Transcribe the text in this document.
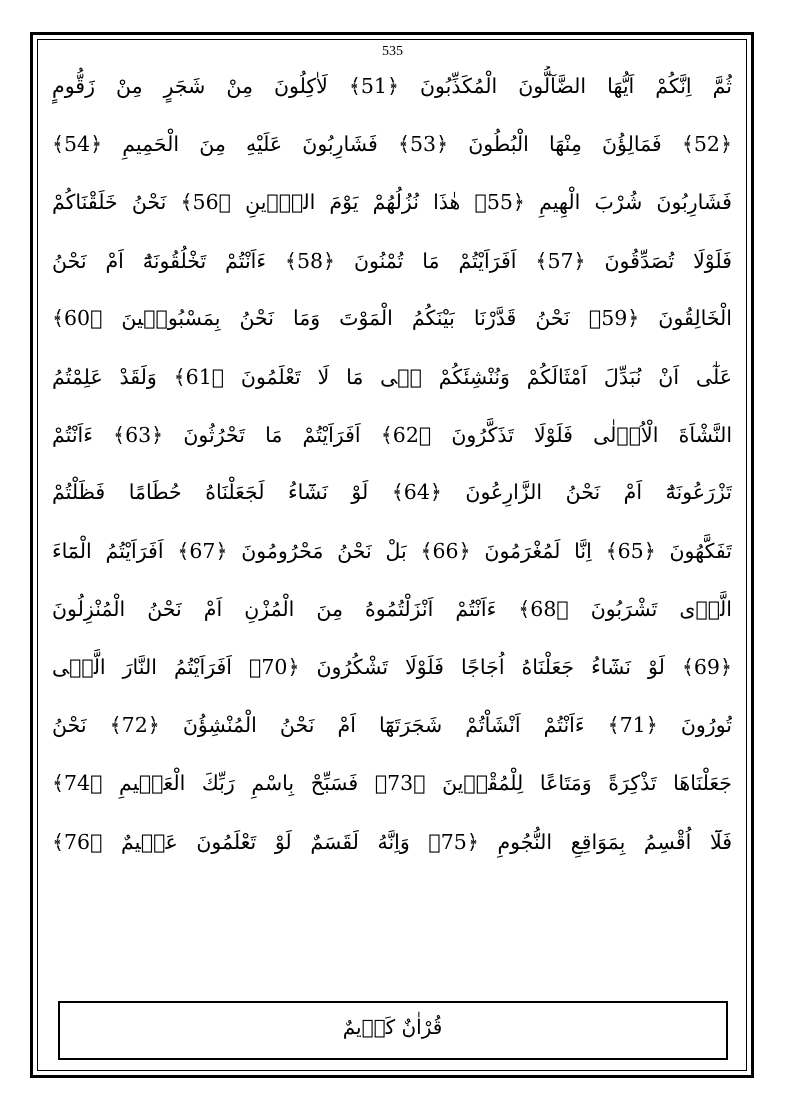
535
ثُمَّ اِنَّكُمْ اَيُّهَا الضَّآلُّونَ الْمُكَذِّبُونَ ﴿51﴾ لَاٰكِلُونَ مِنْ شَجَرٍ مِنْ زَقُّومٍ
﴿52﴾ فَمَالِؤُنَ مِنْهَا الْبُطُونَ ﴿53﴾ فَشَارِبُونَ عَلَيْهِ مِنَ الْحَمِيمِ ﴿54﴾
فَشَارِبُونَ شُرْبَ الْهِيمِ ﴿55﴾ هٰذَا نُزُلُهُمْ يَوْمَ الدّ۪ينِ ﴿56﴾ نَحْنُ خَلَقْنَاكُمْ
فَلَوْلَا تُصَدِّقُونَ ﴿57﴾ اَفَرَاَيْتُمْ مَا تُمْنُونَ ﴿58﴾ ءَاَنْتُمْ تَخْلُقُونَهُٓ اَمْ نَحْنُ
الْخَالِقُونَ ﴿59﴾ نَحْنُ قَدَّرْنَا بَيْنَكُمُ الْمَوْتَ وَمَا نَحْنُ بِمَسْبُوق۪ينَ ﴿60﴾
عَلٰٓى اَنْ نُبَدِّلَ اَمْثَالَكُمْ وَنُنْشِئَكُمْ ف۪ى مَا لَا تَعْلَمُونَ ﴿61﴾ وَلَقَدْ عَلِمْتُمُ
النَّشْاَةَ الْاُو۫لٰى فَلَوْلَا تَذَكَّرُونَ ﴿62﴾ اَفَرَاَيْتُمْ مَا تَحْرُثُونَ ﴿63﴾ ءَاَنْتُمْ
تَزْرَعُونَهُٓ اَمْ نَحْنُ الزَّارِعُونَ ﴿64﴾ لَوْ نَشَٓاءُ لَجَعَلْنَاهُ حُطَامًا فَظَلْتُمْ
تَفَكَّهُونَ ﴿65﴾ اِنَّا لَمُغْرَمُونَ ﴿66﴾ بَلْ نَحْنُ مَحْرُومُونَ ﴿67﴾ اَفَرَاَيْتُمُ الْمَٓاءَ
الَّذ۪ى تَشْرَبُونَ ﴿68﴾ ءَاَنْتُمْ اَنْزَلْتُمُوهُ مِنَ الْمُزْنِ اَمْ نَحْنُ الْمُنْزِلُونَ
﴿69﴾ لَوْ نَشَٓاءُ جَعَلْنَاهُ اُجَاجًا فَلَوْلَا تَشْكُرُونَ ﴿70﴾ اَفَرَاَيْتُمُ النَّارَ الَّت۪ى
تُورُونَ ﴿71﴾ ءَاَنْتُمْ اَنْشَاْتُمْ شَجَرَتَهَٓا اَمْ نَحْنُ الْمُنْشِؤُنَ ﴿72﴾ نَحْنُ
جَعَلْنَاهَا تَذْكِرَةً وَمَتَاعًا لِلْمُقْو۪ينَ ﴿73﴾ فَسَبِّحْ بِاسْمِ رَبِّكَ الْعَظ۪يمِ ﴿74﴾
فَلَٓا اُقْسِمُ بِمَوَاقِعِ النُّجُومِ ﴿75﴾ وَاِنَّهُ لَقَسَمٌ لَوْ تَعْلَمُونَ عَظ۪يمٌ ﴿76﴾
قُرْاٰنٌ كَر۪يمٌ
